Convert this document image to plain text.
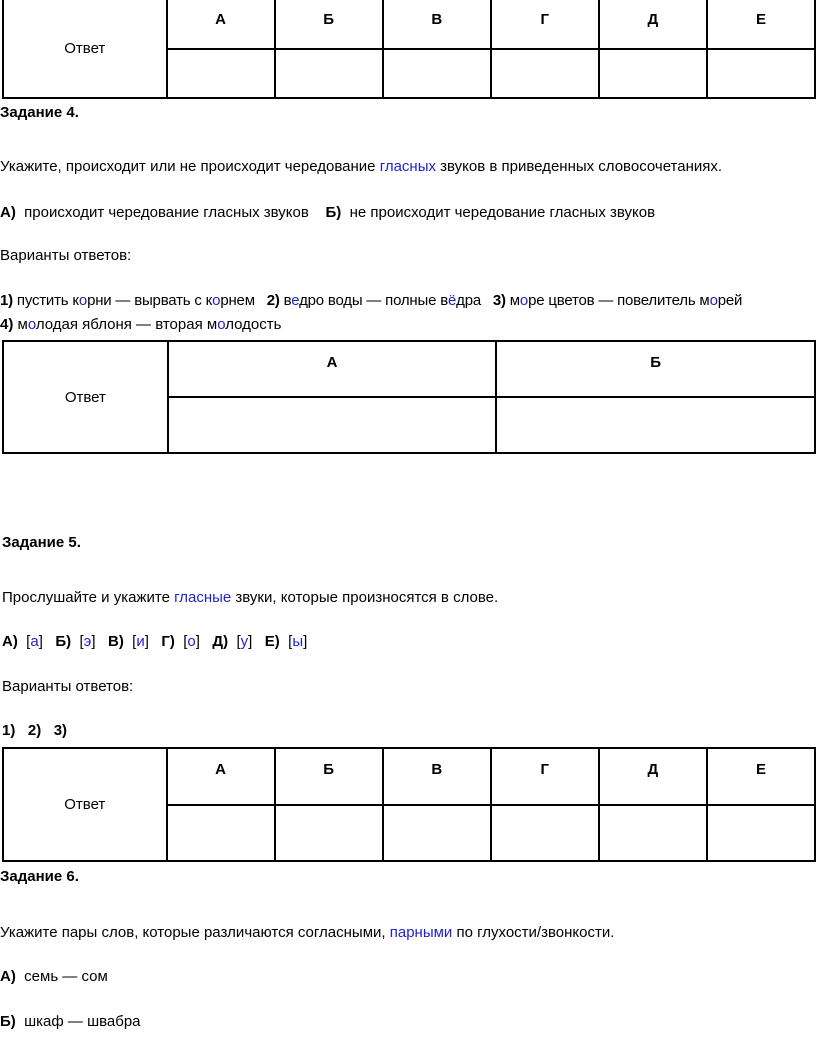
Ответ	А	Б	В	Г	Д	Е

Задание 4.
Укажите, происходит или не происходит чередование гласных звуков в приведенных словосочетаниях.
А) происходит чередование гласных звуков Б) не происходит чередование гласных звуков
Варианты ответов:
1) пустить корни — вырвать с корнем 2) ведро воды — полные вёдра 3) море цветов — повелитель морей
4) молодая яблоня — вторая молодость
Ответ	А	Б

Задание 5.
Прослушайте и укажите гласные звуки, которые произносятся в слове.
А)  [а]   Б)  [э]   В)  [и]   Г)  [о]   Д)  [у]   Е)  [ы]
Варианты ответов:
1) 2) 3)
Ответ	А	Б	В	Г	Д	Е

Задание 6.
Укажите пары слов, которые различаются согласными, парными по глухости/звонкости.
А) семь — сом
Б) шкаф — швабра
